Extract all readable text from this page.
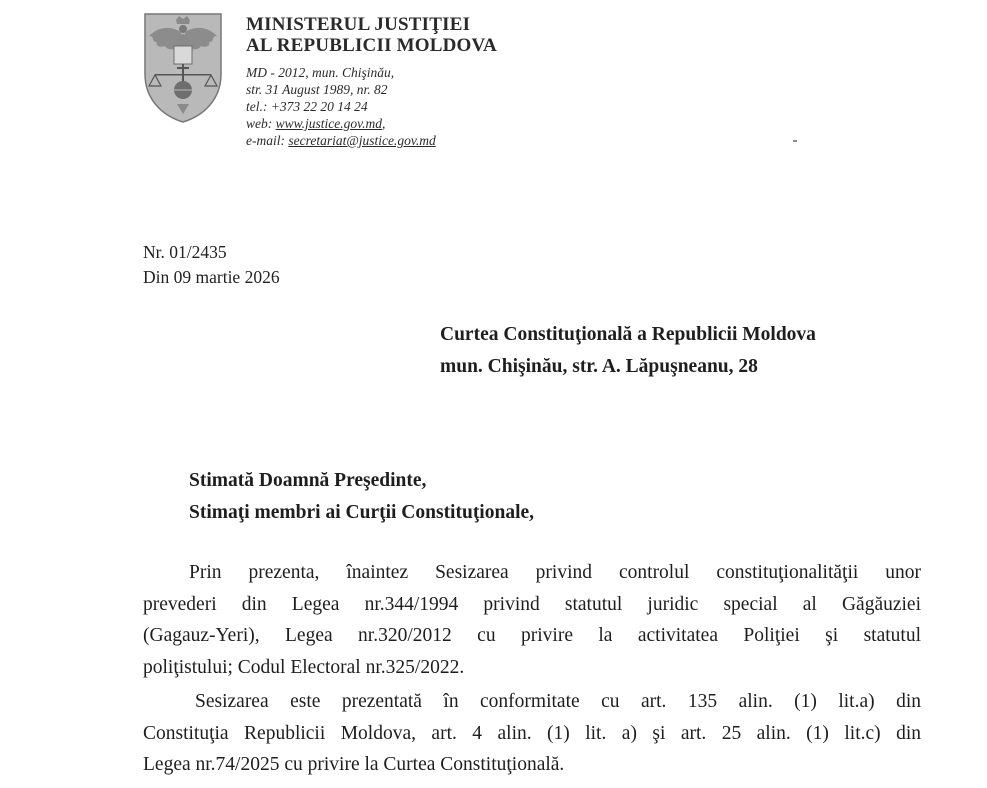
MINISTERUL JUSTIŢIEI
AL REPUBLICII MOLDOVA
MD - 2012, mun. Chişinău,
str. 31 August 1989, nr. 82
tel.: +373 22 20 14 24
web: www.justice.gov.md,
e-mail: secretariat@justice.gov.md
Nr. 01/2435
Din 09 martie 2026
Curtea Constituţională a Republicii Moldova
mun. Chişinău, str. A. Lăpuşneanu, 28
Stimată Doamnă Preşedinte,
Stimaţi membri ai Curţii Constituţionale,
Prin prezenta, înaintez Sesizarea privind controlul constituţionalităţii unor
prevederi din Legea nr.344/1994 privind statutul juridic special al Găgăuziei
(Gagauz-Yeri), Legea nr.320/2012 cu privire la activitatea Poliţiei şi statutul
poliţistului; Codul Electoral nr.325/2022.
Sesizarea este prezentată în conformitate cu art. 135 alin. (1) lit.a) din
Constituţia Republicii Moldova, art. 4 alin. (1) lit. a) şi art. 25 alin. (1) lit.c) din
Legea nr.74/2025 cu privire la Curtea Constituţională.
